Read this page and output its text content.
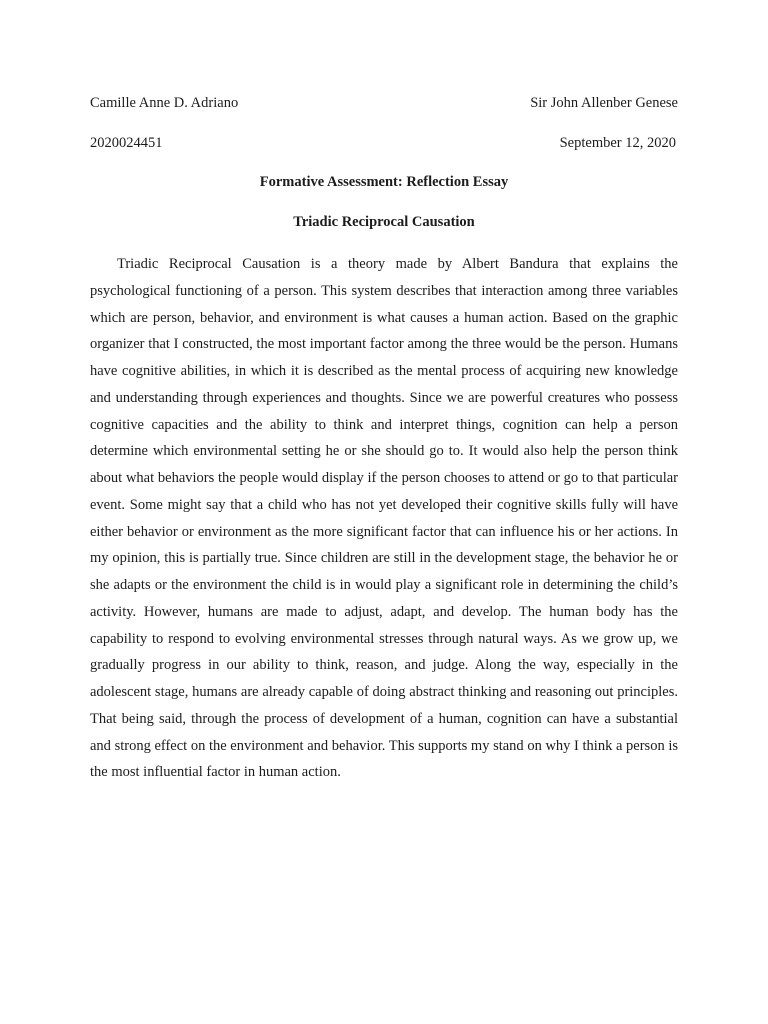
Camille Anne D. Adriano	Sir John Allenber Genese
2020024451	September 12, 2020
Formative Assessment: Reflection Essay
Triadic Reciprocal Causation

Triadic Reciprocal Causation is a theory made by Albert Bandura that explains the psychological functioning of a person. This system describes that interaction among three variables which are person, behavior, and environment is what causes a human action. Based on the graphic organizer that I constructed, the most important factor among the three would be the person. Humans have cognitive abilities, in which it is described as the mental process of acquiring new knowledge and understanding through experiences and thoughts. Since we are powerful creatures who possess cognitive capacities and the ability to think and interpret things, cognition can help a person determine which environmental setting he or she should go to. It would also help the person think about what behaviors the people would display if the person chooses to attend or go to that particular event. Some might say that a child who has not yet developed their cognitive skills fully will have either behavior or environment as the more significant factor that can influence his or her actions. In my opinion, this is partially true. Since children are still in the development stage, the behavior he or she adapts or the environment the child is in would play a significant role in determining the child’s activity. However, humans are made to adjust, adapt, and develop. The human body has the capability to respond to evolving environmental stresses through natural ways. As we grow up, we gradually progress in our ability to think, reason, and judge. Along the way, especially in the adolescent stage, humans are already capable of doing abstract thinking and reasoning out principles. That being said, through the process of development of a human, cognition can have a substantial and strong effect on the environment and behavior. This supports my stand on why I think a person is the most influential factor in human action.
